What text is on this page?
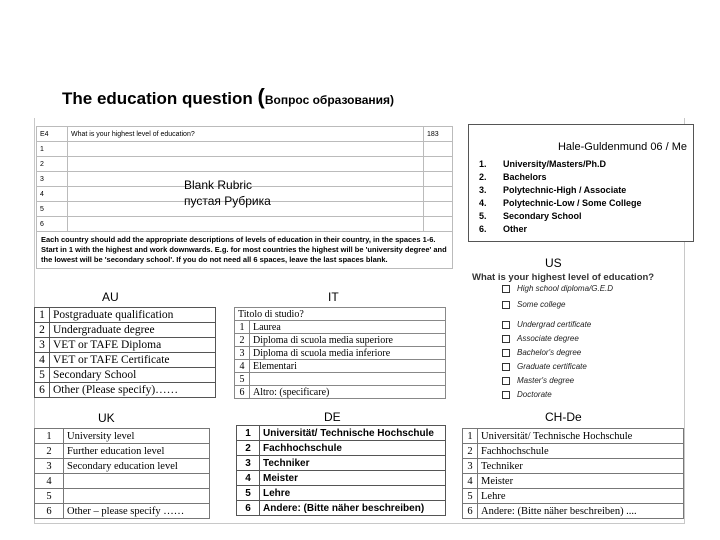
The education question (Вопрос образования)
E4	What is your highest level of education?	183
1		
2		
3		
4		
5		
6		
Each country should add the appropriate descriptions of levels of education in their country, in the spaces 1-6. Start in 1 with the highest and work downwards. E.g. for most countries the highest will be 'university degree' and the lowest will be 'secondary school'. If you do not need all 6 spaces, leave the last spaces blank.		
Blank Rubric
пустая Рубрика
Hale-Guldenmund 06 / Me
1. University/Masters/Ph.D
2. Bachelors
3. Polytechnic-High / Associate
4. Polytechnic-Low / Some College
5. Secondary School
6. Other
AU	IT
US
UK	DE	CH-De
1	Postgraduate qualification
2	Undergraduate degree
3	VET or TAFE Diploma
4	VET or TAFE Certificate
5	Secondary School
6	Other (Please specify)……
Titolo di studio?	
1	Laurea
2	Diploma di scuola media superiore
3	Diploma di scuola media inferiore
4	Elementari
5	
6	Altro: (specificare)
What is your highest level of education?
High school diploma/G.E.D
Some college
Undergrad certificate
Associate degree
Bachelor's degree
Graduate certificate
Master's degree
Doctorate
1	University level
2	Further education level
3	Secondary education level
4	
5	
6	Other – please specify ……
1	Universität/ Technische Hochschule
2	Fachhochschule
3	Techniker
4	Meister
5	Lehre
6	Andere: (Bitte näher beschreiben)
1	Universität/ Technische Hochschule
2	Fachhochschule
3	Techniker
4	Meister
5	Lehre
6	Andere: (Bitte näher beschreiben) ....
